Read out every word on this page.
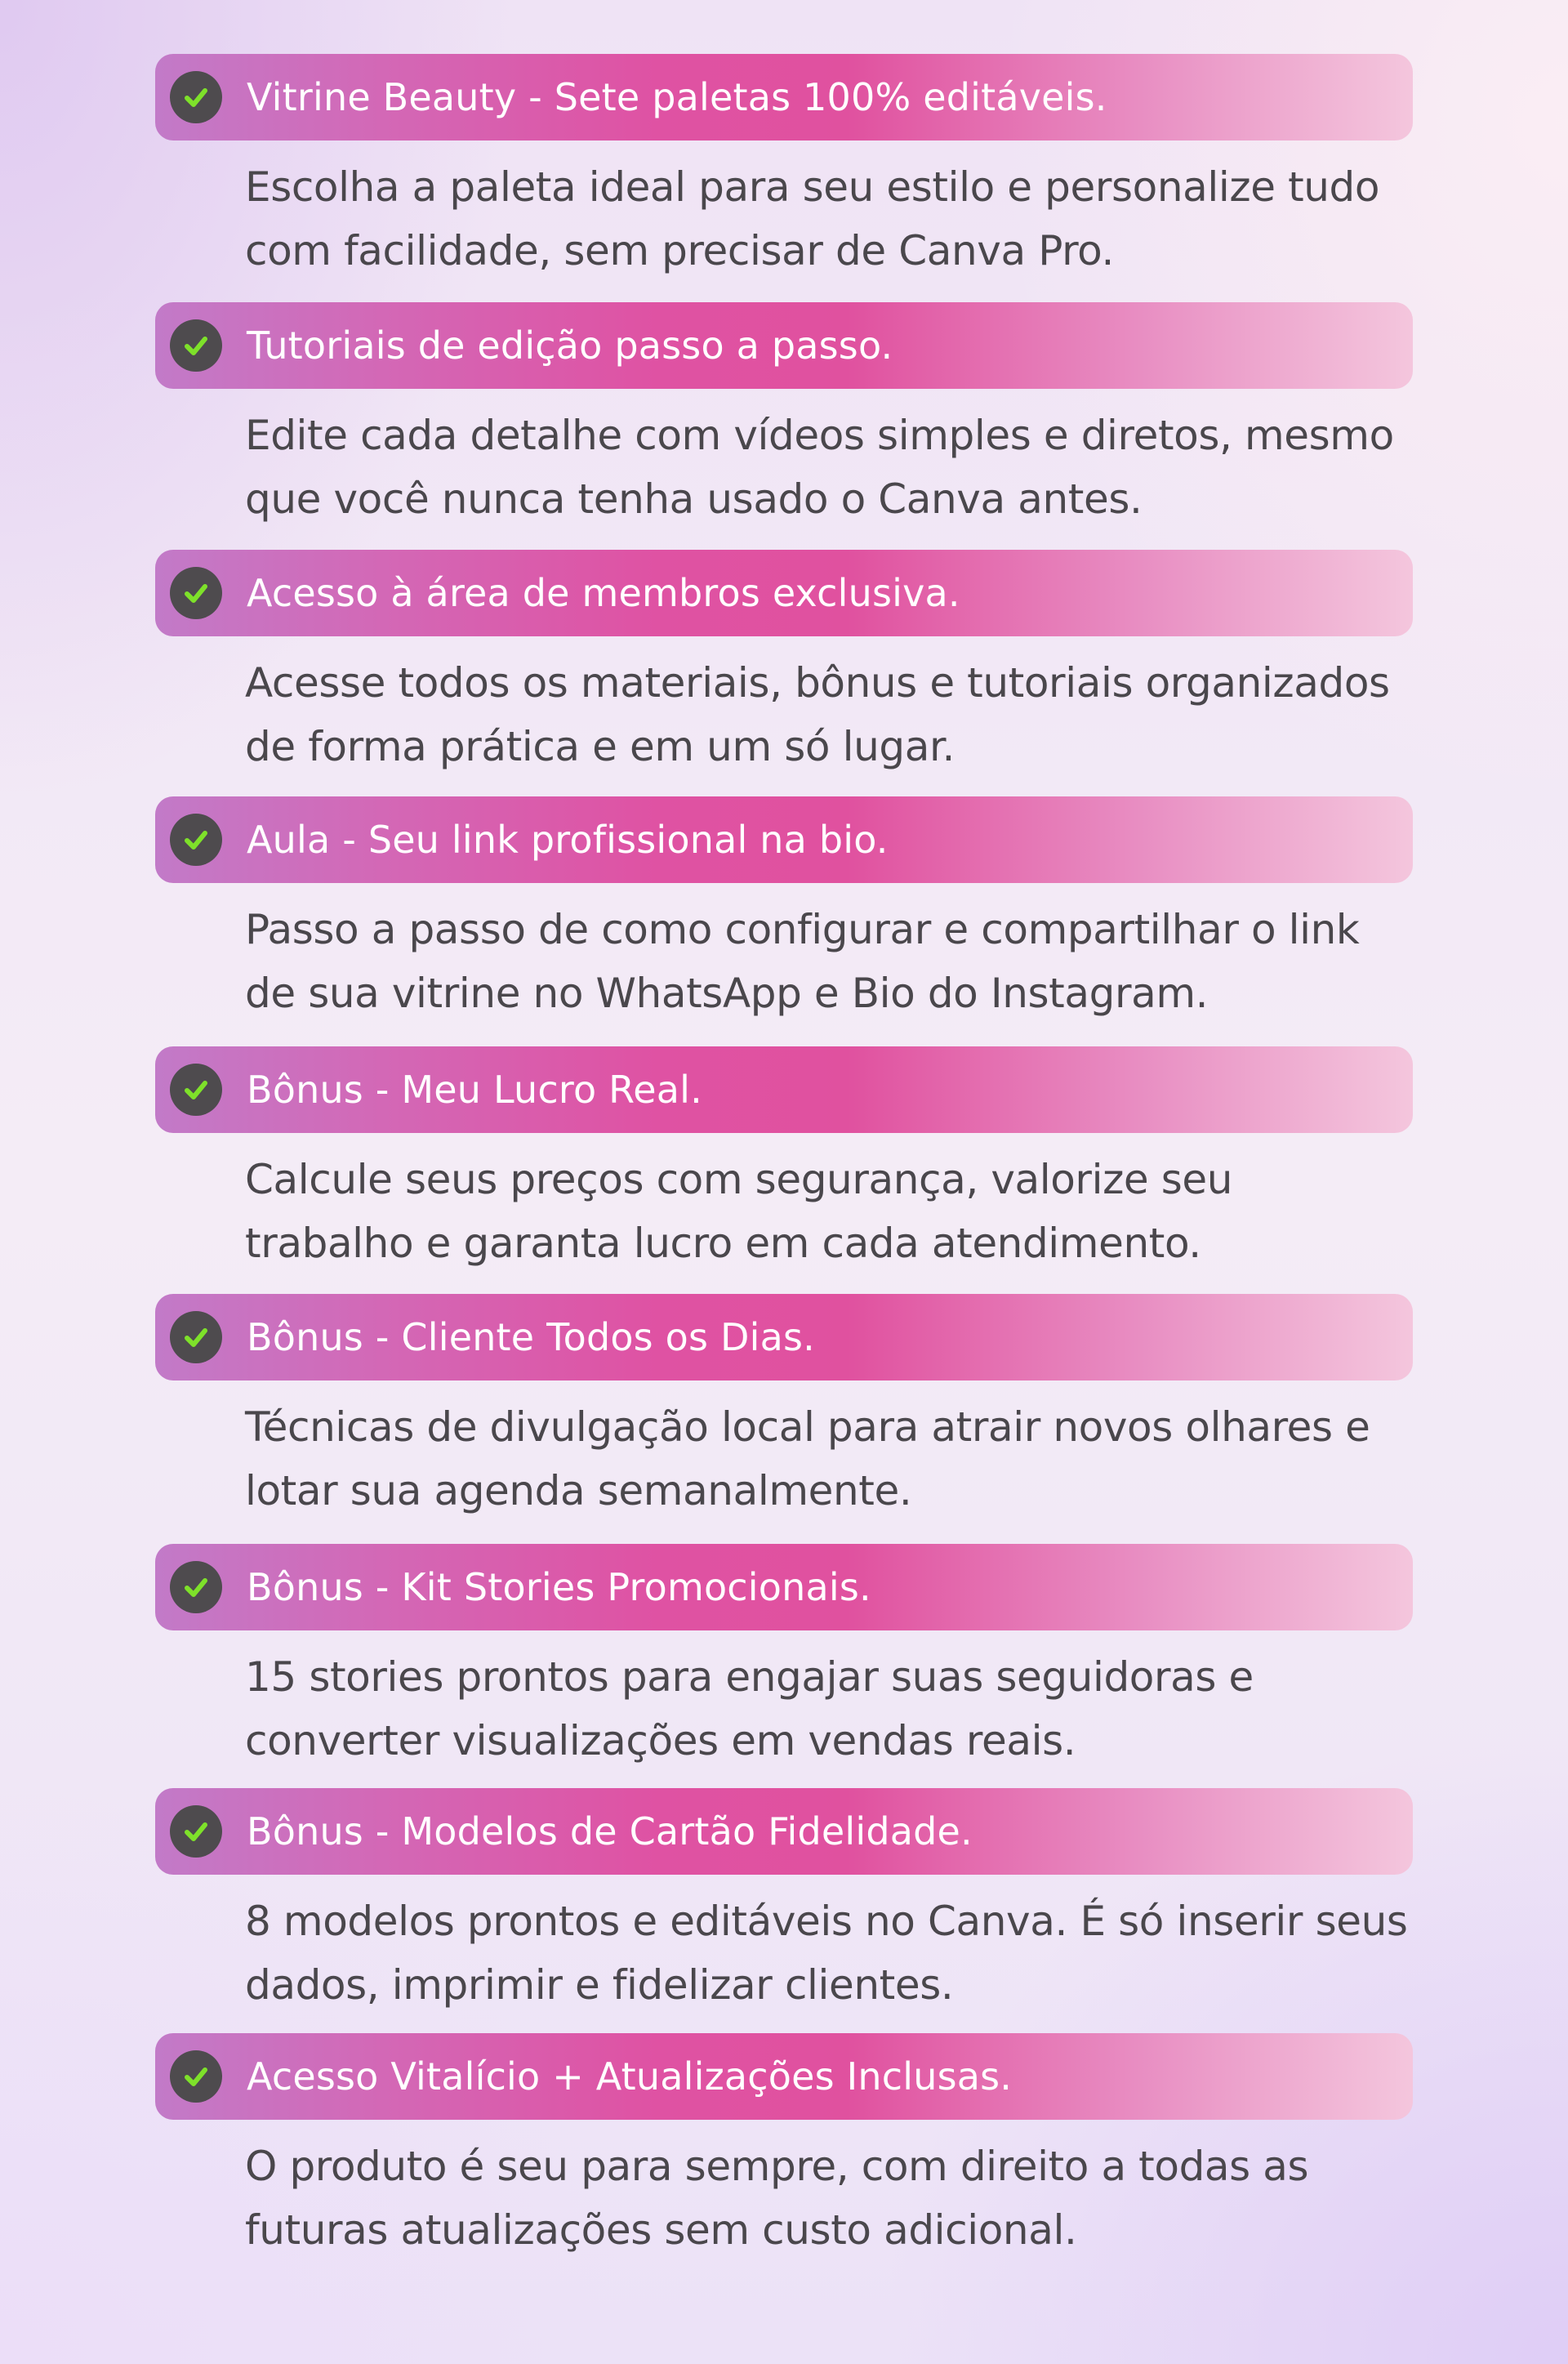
Vitrine Beauty - Sete paletas 100% editáveis.
Escolha a paleta ideal para seu estilo e personalize tudo com facilidade, sem precisar de Canva Pro.
Tutoriais de edição passo a passo.
Edite cada detalhe com vídeos simples e diretos, mesmo que você nunca tenha usado o Canva antes.
Acesso à área de membros exclusiva.
Acesse todos os materiais, bônus e tutoriais organizados de forma prática e em um só lugar.
Aula - Seu link profissional na bio.
Passo a passo de como configurar e compartilhar o link de sua vitrine no WhatsApp e Bio do Instagram.
Bônus - Meu Lucro Real.
Calcule seus preços com segurança, valorize seu trabalho e garanta lucro em cada atendimento.
Bônus - Cliente Todos os Dias.
Técnicas de divulgação local para atrair novos olhares e lotar sua agenda semanalmente.
Bônus - Kit Stories Promocionais.
15 stories prontos para engajar suas seguidoras e converter visualizações em vendas reais.
Bônus - Modelos de Cartão Fidelidade.
8 modelos prontos e editáveis no Canva. É só inserir seus dados, imprimir e fidelizar clientes.
Acesso Vitalício + Atualizações Inclusas.
O produto é seu para sempre, com direito a todas as futuras atualizações sem custo adicional.
